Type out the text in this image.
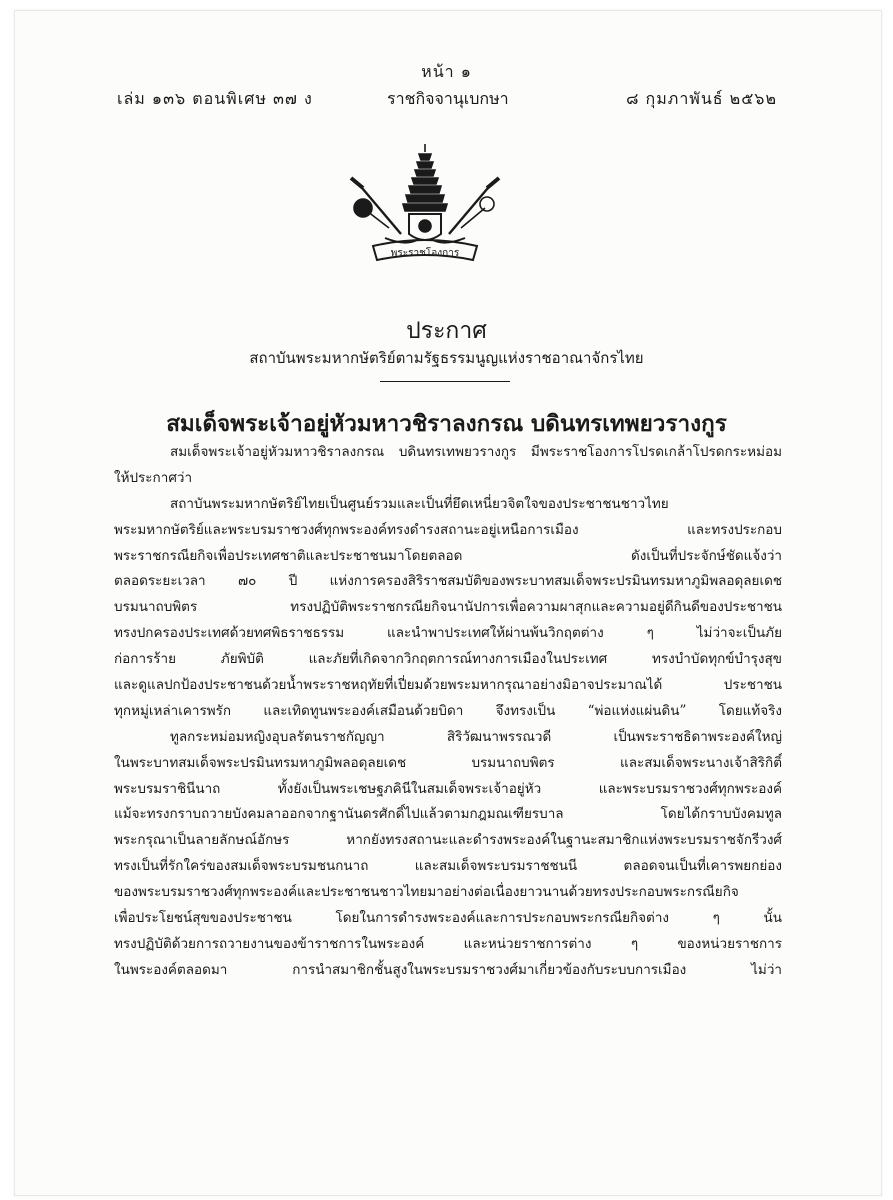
หน้า ๑
เล่ม ๑๓๖ ตอนพิเศษ ๓๗ ง	ราชกิจจานุเบกษา	๘ กุมภาพันธ์ ๒๕๖๒
พระราชโองการ
ประกาศ
สถาบันพระมหากษัตริย์ตามรัฐธรรมนูญแห่งราชอาณาจักรไทย
สมเด็จพระเจ้าอยู่หัวมหาวชิราลงกรณ บดินทรเทพยวรางกูร
สมเด็จพระเจ้าอยู่หัวมหาวชิราลงกรณ บดินทรเทพยวรางกูร มีพระราชโองการโปรดเกล้าโปรดกระหม่อม
ให้ประกาศว่า
สถาบันพระมหากษัตริย์ไทยเป็นศูนย์รวมและเป็นที่ยึดเหนี่ยวจิตใจของประชาชนชาวไทย
พระมหากษัตริย์และพระบรมราชวงศ์ทุกพระองค์ทรงดำรงสถานะอยู่เหนือการเมือง และทรงประกอบ
พระราชกรณียกิจเพื่อประเทศชาติและประชาชนมาโดยตลอด ดังเป็นที่ประจักษ์ชัดแจ้งว่า
ตลอดระยะเวลา ๗๐ ปี แห่งการครองสิริราชสมบัติของพระบาทสมเด็จพระปรมินทรมหาภูมิพลอดุลยเดช
บรมนาถบพิตร ทรงปฏิบัติพระราชกรณียกิจนานัปการเพื่อความผาสุกและความอยู่ดีกินดีของประชาชน
ทรงปกครองประเทศด้วยทศพิธราชธรรม และนำพาประเทศให้ผ่านพ้นวิกฤตต่าง ๆ ไม่ว่าจะเป็นภัย
ก่อการร้าย ภัยพิบัติ และภัยที่เกิดจากวิกฤตการณ์ทางการเมืองในประเทศ ทรงบำบัดทุกข์บำรุงสุข
และดูแลปกป้องประชาชนด้วยน้ำพระราชหฤทัยที่เปี่ยมด้วยพระมหากรุณาอย่างมิอาจประมาณได้ ประชาชน
ทุกหมู่เหล่าเคารพรัก และเทิดทูนพระองค์เสมือนด้วยบิดา จึงทรงเป็น “พ่อแห่งแผ่นดิน” โดยแท้จริง
ทูลกระหม่อมหญิงอุบลรัตนราชกัญญา สิริวัฒนาพรรณวดี เป็นพระราชธิดาพระองค์ใหญ่
ในพระบาทสมเด็จพระปรมินทรมหาภูมิพลอดุลยเดช บรมนาถบพิตร และสมเด็จพระนางเจ้าสิริกิติ์
พระบรมราชินีนาถ ทั้งยังเป็นพระเชษฐภคินีในสมเด็จพระเจ้าอยู่หัว และพระบรมราชวงศ์ทุกพระองค์
แม้จะทรงกราบถวายบังคมลาออกจากฐานันดรศักดิ์ไปแล้วตามกฎมณเฑียรบาล โดยได้กราบบังคมทูล
พระกรุณาเป็นลายลักษณ์อักษร หากยังทรงสถานะและดำรงพระองค์ในฐานะสมาชิกแห่งพระบรมราชจักรีวงศ์
ทรงเป็นที่รักใคร่ของสมเด็จพระบรมชนกนาถ และสมเด็จพระบรมราชชนนี ตลอดจนเป็นที่เคารพยกย่อง
ของพระบรมราชวงศ์ทุกพระองค์และประชาชนชาวไทยมาอย่างต่อเนื่องยาวนานด้วยทรงประกอบพระกรณียกิจ
เพื่อประโยชน์สุขของประชาชน โดยในการดำรงพระองค์และการประกอบพระกรณียกิจต่าง ๆ นั้น
ทรงปฏิบัติด้วยการถวายงานของข้าราชการในพระองค์ และหน่วยราชการต่าง ๆ ของหน่วยราชการ
ในพระองค์ตลอดมา การนำสมาชิกชั้นสูงในพระบรมราชวงศ์มาเกี่ยวข้องกับระบบการเมือง ไม่ว่า
